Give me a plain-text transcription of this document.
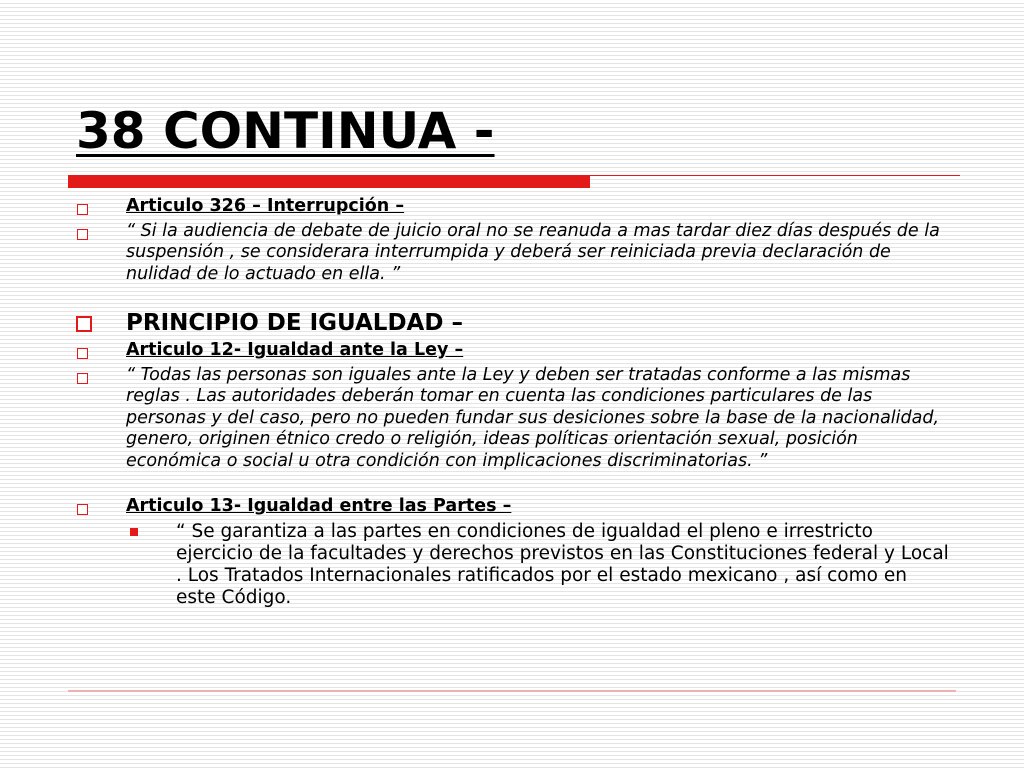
38 CONTINUA -
Articulo 326 – Interrupción –
“ Si la audiencia de debate de juicio oral no se reanuda a mas tardar diez días después de la suspensión , se considerara interrumpida y deberá ser reiniciada previa declaración de nulidad de lo actuado en ella. ”
PRINCIPIO DE IGUALDAD –
Articulo 12- Igualdad ante la Ley –
“ Todas las personas son iguales ante la Ley y deben ser tratadas conforme a las mismas reglas . Las autoridades deberán tomar en cuenta las condiciones particulares de las personas y del caso, pero no pueden fundar sus desiciones sobre la base de la nacionalidad, genero, originen étnico credo o religión, ideas políticas orientación sexual, posición económica o social u otra condición con implicaciones discriminatorias. ”
Articulo 13- Igualdad entre las Partes –
“ Se garantiza a las partes en condiciones de igualdad el pleno e irrestricto ejercicio de la facultades y derechos previstos en las Constituciones federal y Local . Los Tratados Internacionales ratificados por el estado mexicano , así como en este Código.
